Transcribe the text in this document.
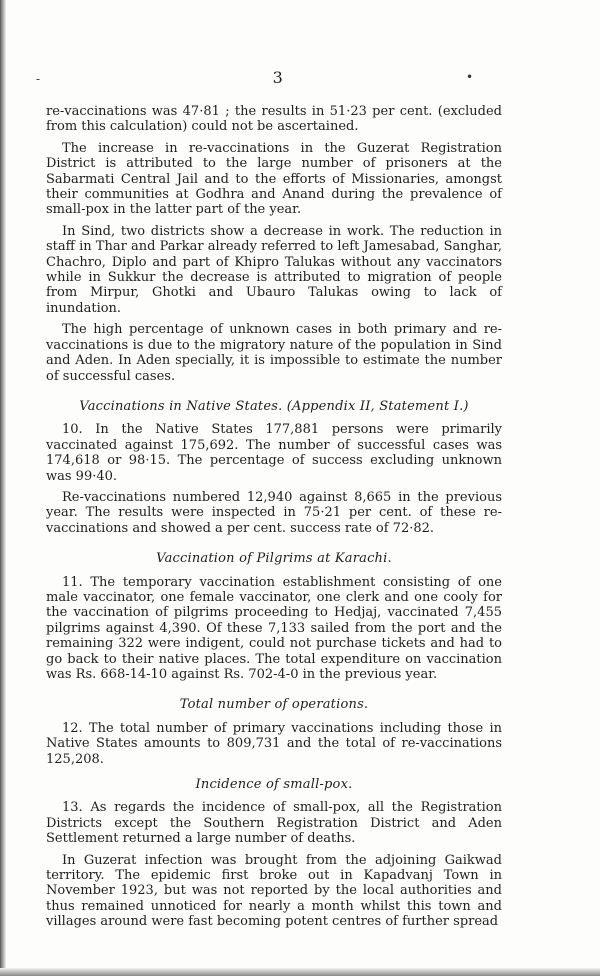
-	3	•

re-vaccinations was 47·81 ; the results in 51·23 per cent. (excluded from this calculation) could not be ascertained.

The increase in re-vaccinations in the Guzerat Registration District is attributed to the large number of prisoners at the Sabarmati Central Jail and to the efforts of Missionaries, amongst their communities at Godhra and Anand during the prevalence of small-pox in the latter part of the year.

In Sind, two districts show a decrease in work. The reduction in staff in Thar and Parkar already referred to left Jamesabad, Sanghar, Chachro, Diplo and part of Khipro Talukas without any vaccinators while in Sukkur the decrease is attributed to migration of people from Mirpur, Ghotki and Ubauro Talukas owing to lack of inundation.

The high percentage of unknown cases in both primary and re-vaccinations is due to the migratory nature of the population in Sind and Aden. In Aden specially, it is impossible to estimate the number of successful cases.

Vaccinations in Native States. (Appendix II, Statement I.)

10. In the Native States 177,881 persons were primarily vaccinated against 175,692. The number of successful cases was 174,618 or 98·15. The percentage of success excluding unknown was 99·40.

Re-vaccinations numbered 12,940 against 8,665 in the previous year. The results were inspected in 75·21 per cent. of these re-vaccinations and showed a per cent. success rate of 72·82.

Vaccination of Pilgrims at Karachi.

11. The temporary vaccination establishment consisting of one male vaccinator, one female vaccinator, one clerk and one cooly for the vaccination of pilgrims proceeding to Hedjaj, vaccinated 7,455 pilgrims against 4,390. Of these 7,133 sailed from the port and the remaining 322 were indigent, could not purchase tickets and had to go back to their native places. The total expenditure on vaccination was Rs. 668-14-10 against Rs. 702-4-0 in the previous year.

Total number of operations.

12. The total number of primary vaccinations including those in Native States amounts to 809,731 and the total of re-vaccinations 125,208.

Incidence of small-pox.

13. As regards the incidence of small-pox, all the Registration Districts except the Southern Registration District and Aden Settlement returned a large number of deaths.

In Guzerat infection was brought from the adjoining Gaikwad territory. The epidemic first broke out in Kapadvanj Town in November 1923, but was not reported by the local authorities and thus remained unnoticed for nearly a month whilst this town and villages around were fast becoming potent centres of further spread
